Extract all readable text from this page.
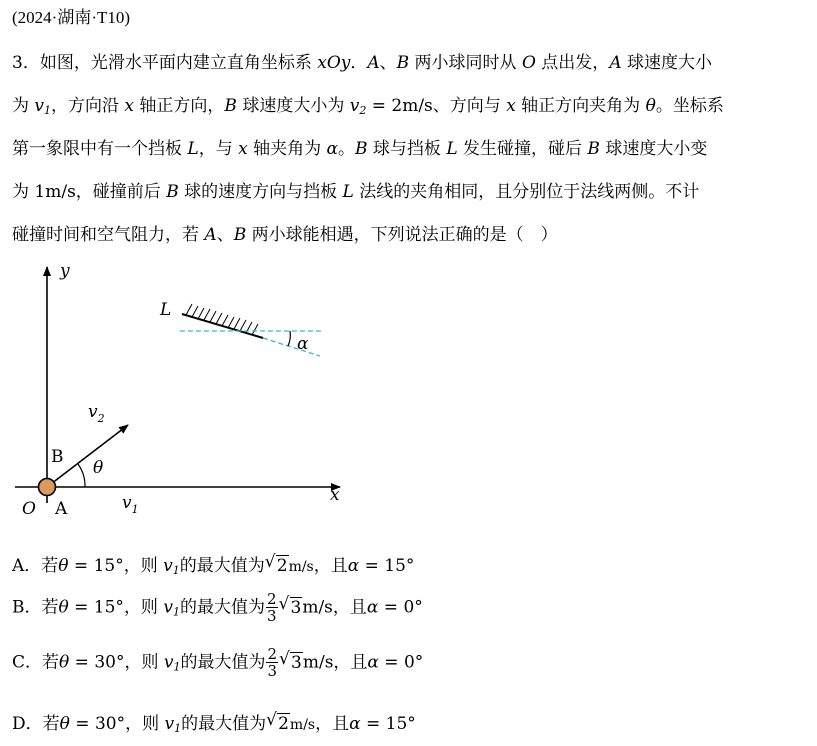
(2024·湖南·T10)
3．如图，光滑水平面内建立直角坐标系 xOy．A、B 两小球同时从 O 点出发，A 球速度大小
为 $v_1$，方向沿 x 轴正方向，B 球速度大小为 $v_2 = 2m/s$、方向与 x 轴正方向夹角为 θ。坐标系
第一象限中有一个挡板 L，与 x 轴夹角为 α。B 球与挡板 L 发生碰撞，碰后 B 球速度大小变
为 1m/s，碰撞前后 B 球的速度方向与挡板 L 法线的夹角相同，且分别位于法线两侧。不计
碰撞时间和空气阻力，若 A、B 两小球能相遇，下列说法正确的是（　）
y
x
$v_2$
θ
$v_1$
B
O A
L
α
A．若θ = 15°，则 $v_1$的最大值为 √ 2m/s，且α = 15°
B．若θ = 15°，则 $v_1$的最大值为 $\frac{2}{3}$ √ 3m/s，且α = 0°
C．若θ = 30°，则 $v_1$的最大值为 $\frac{2}{3}$ √ 3m/s，且α = 0°
D．若θ = 30°，则 $v_1$的最大值为 √ 2m/s，且α = 15°
